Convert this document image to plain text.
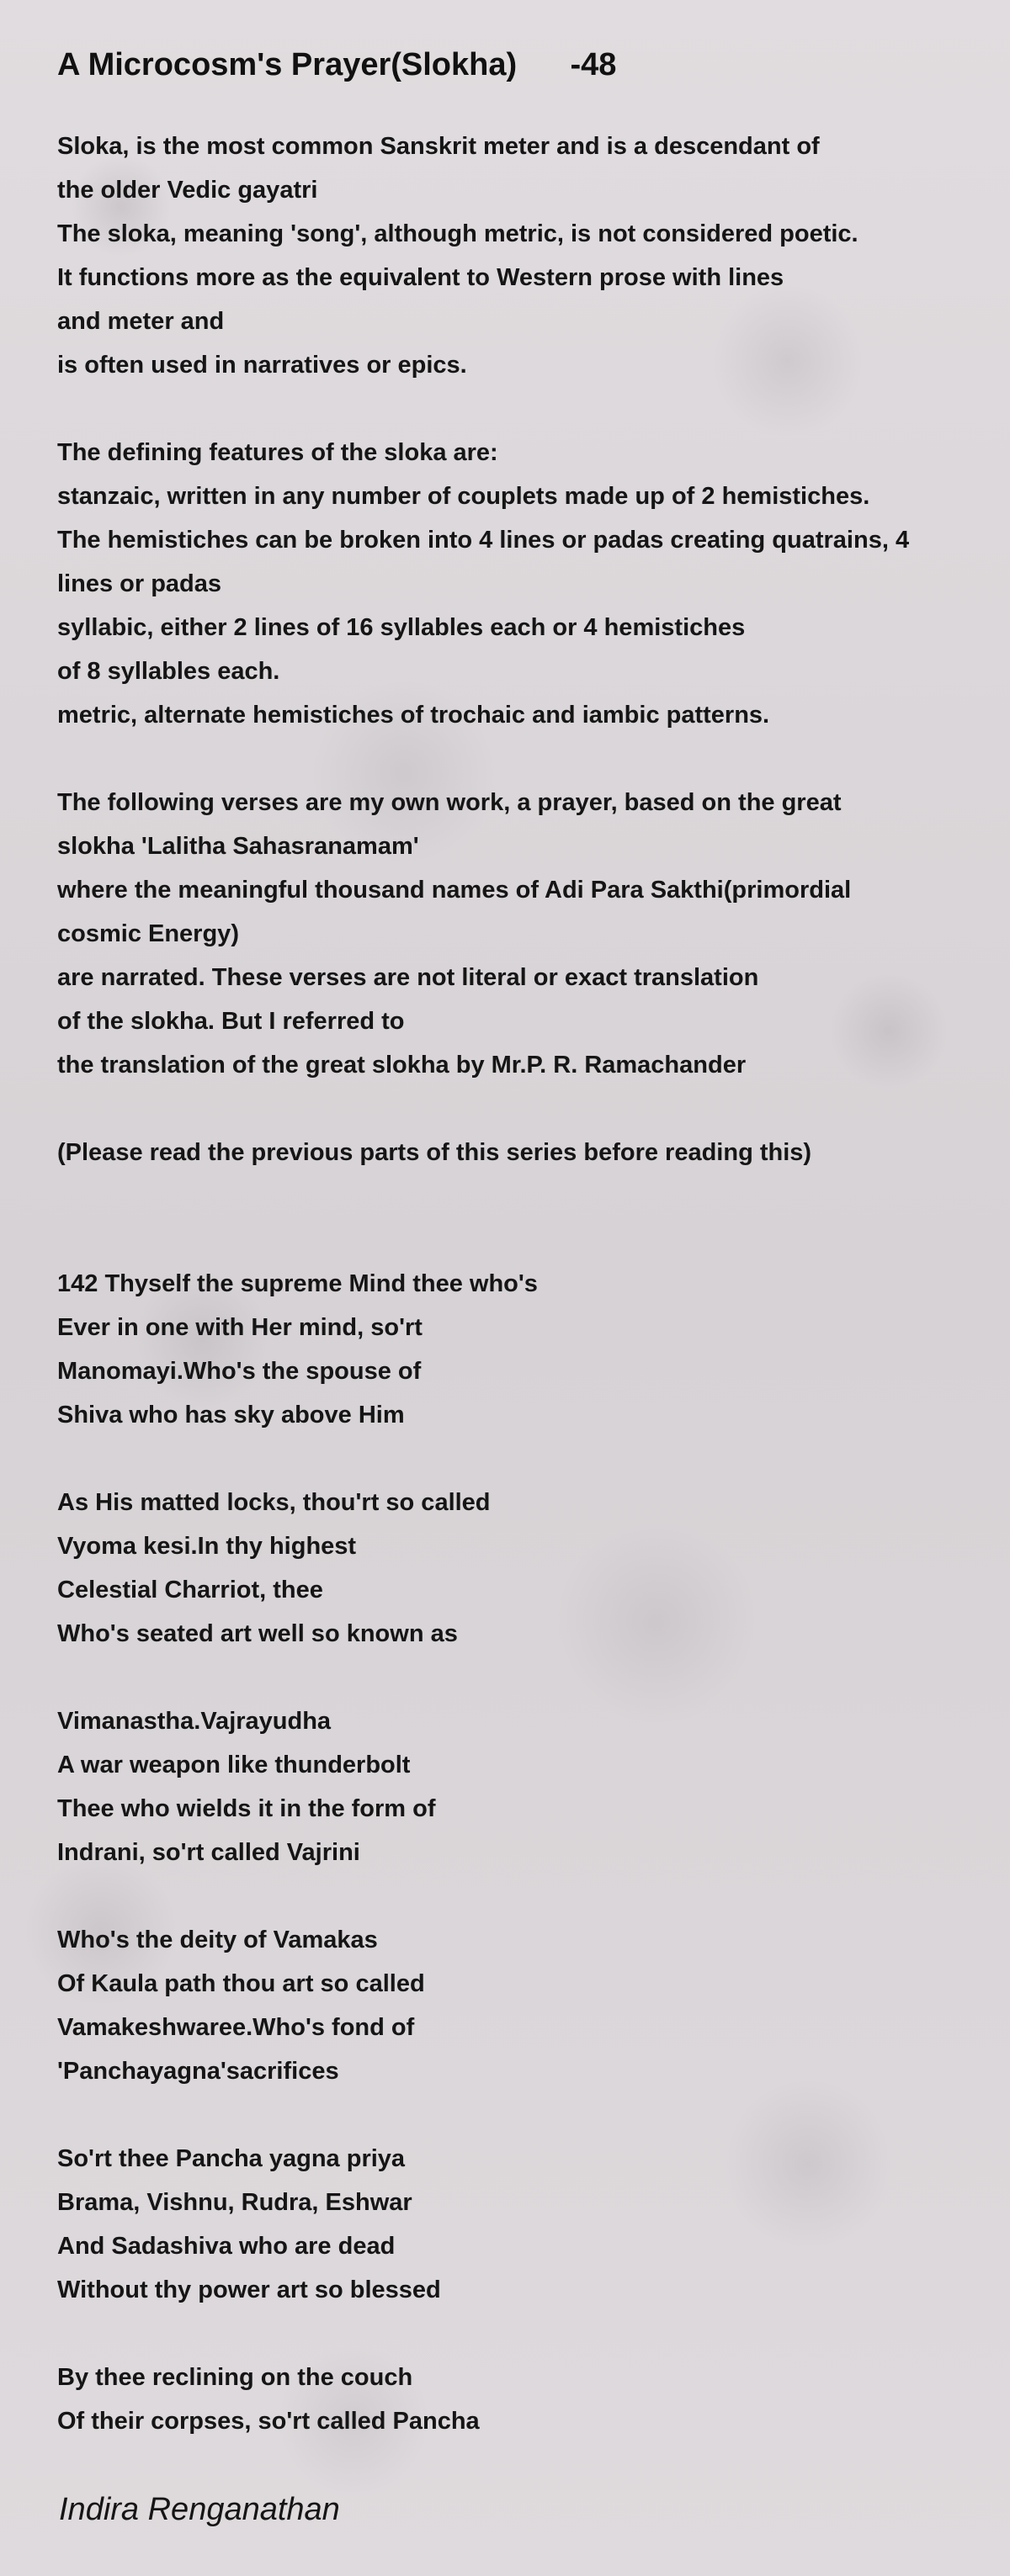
A Microcosm's Prayer(Slokha)      -48
Sloka, is the most common Sanskrit meter and is a descendant of
the older Vedic gayatri
The sloka, meaning 'song', although metric, is not considered poetic.
It functions more as the equivalent to Western prose with lines
and meter and
is often used in narratives or epics.
The defining features of the sloka are:
stanzaic, written in any number of couplets made up of 2 hemistiches.
The hemistiches can be broken into 4 lines or padas creating quatrains, 4
lines or padas
syllabic, either 2 lines of 16 syllables each or 4 hemistiches
of 8 syllables each.
metric, alternate hemistiches of trochaic and iambic patterns.
The following verses are my own work, a prayer, based on the great
slokha 'Lalitha Sahasranamam'
where the meaningful thousand names of Adi Para Sakthi(primordial
cosmic Energy)
are narrated. These verses are not literal or exact translation
of the slokha. But I referred to
the translation of the great slokha by Mr.P. R. Ramachander
(Please read the previous parts of this series before reading this)
142 Thyself the supreme Mind thee who's
Ever in one with Her mind, so'rt
Manomayi.Who's the spouse of
Shiva who has sky above Him
As His matted locks, thou'rt so called
Vyoma kesi.In thy highest
Celestial Charriot, thee
Who's seated art well so known as
Vimanastha.Vajrayudha
A war weapon like thunderbolt
Thee who wields it in the form of
Indrani, so'rt called Vajrini
Who's the deity of Vamakas
Of Kaula path thou art so called
Vamakeshwaree.Who's fond of
'Panchayagna'sacrifices
So'rt thee Pancha yagna priya
Brama, Vishnu, Rudra, Eshwar
And Sadashiva who are dead
Without thy power art so blessed
By thee reclining on the couch
Of their corpses, so'rt called Pancha

Indira Renganathan
